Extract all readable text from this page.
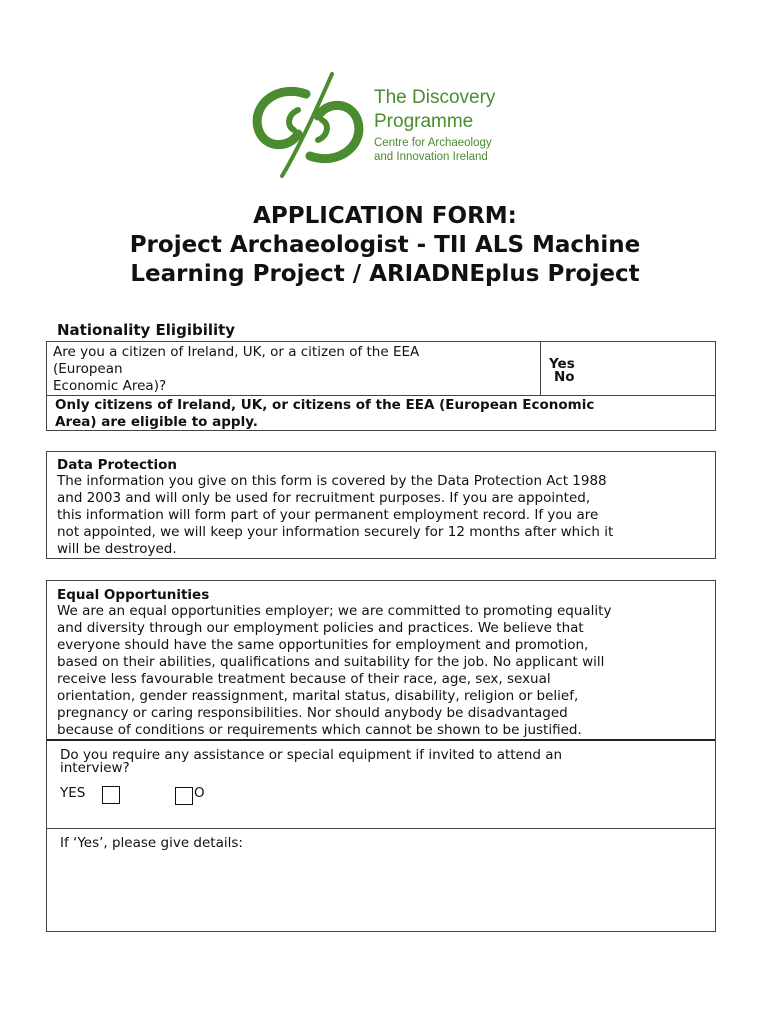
The Discovery
Programme
Centre for Archaeology
and Innovation Ireland
APPLICATION FORM:
Project Archaeologist - TII ALS Machine
Learning Project / ARIADNEplus Project
Nationality Eligibility
Are you a citizen of Ireland, UK, or a citizen of the EEA
(European
Economic Area)?
Yes
No
Only citizens of Ireland, UK, or citizens of the EEA (European Economic
Area) are eligible to apply.
Data Protection
The information you give on this form is covered by the Data Protection Act 1988
and 2003 and will only be used for recruitment purposes. If you are appointed,
this information will form part of your permanent employment record. If you are
not appointed, we will keep your information securely for 12 months after which it
will be destroyed.
Equal Opportunities
We are an equal opportunities employer; we are committed to promoting equality
and diversity through our employment policies and practices. We believe that
everyone should have the same opportunities for employment and promotion,
based on their abilities, qualifications and suitability for the job. No applicant will
receive less favourable treatment because of their race, age, sex, sexual
orientation, gender reassignment, marital status, disability, religion or belief,
pregnancy or caring responsibilities. Nor should anybody be disadvantaged
because of conditions or requirements which cannot be shown to be justified.
Do you require any assistance or special equipment if invited to attend an
interview?
YES	O
If ‘Yes’, please give details:
